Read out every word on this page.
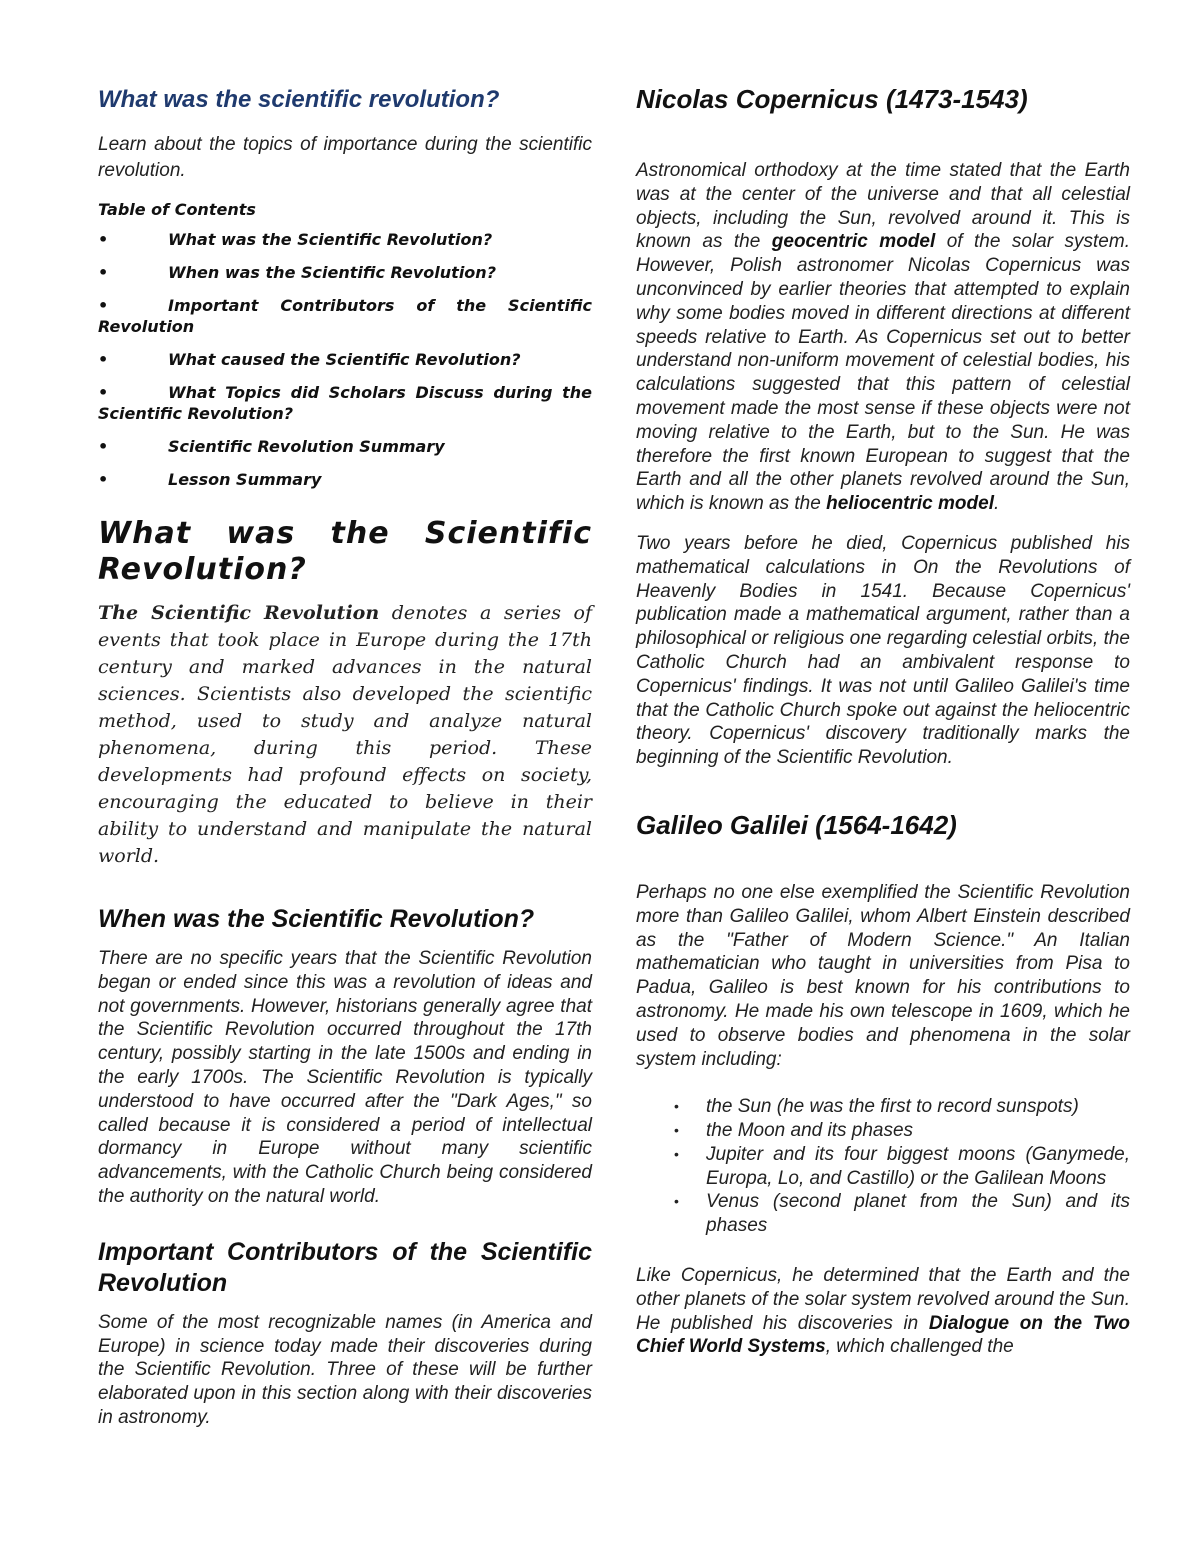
What was the scientific revolution?

Learn about the topics of importance during the scientific revolution.

Table of Contents
•	What was the Scientific Revolution?
•	When was the Scientific Revolution?
•	Important Contributors of the Scientific Revolution
•	What caused the Scientific Revolution?
•	What Topics did Scholars Discuss during the Scientific Revolution?
•	Scientific Revolution Summary
•	Lesson Summary
What was the Scientific Revolution?

The Scientific Revolution denotes a series of events that took place in Europe during the 17th century and marked advances in the natural sciences. Scientists also developed the scientific method, used to study and analyze natural phenomena, during this period. These developments had profound effects on society, encouraging the educated to believe in their ability to understand and manipulate the natural world.

When was the Scientific Revolution?

There are no specific years that the Scientific Revolution began or ended since this was a revolution of ideas and not governments. However, historians generally agree that the Scientific Revolution occurred throughout the 17th century, possibly starting in the late 1500s and ending in the early 1700s. The Scientific Revolution is typically understood to have occurred after the "Dark Ages," so called because it is considered a period of intellectual dormancy in Europe without many scientific advancements, with the Catholic Church being considered the authority on the natural world.

Important Contributors of the Scientific Revolution

Some of the most recognizable names (in America and Europe) in science today made their discoveries during the Scientific Revolution. Three of these will be further elaborated upon in this section along with their discoveries in astronomy.

Nicolas Copernicus (1473-1543)

Astronomical orthodoxy at the time stated that the Earth was at the center of the universe and that all celestial objects, including the Sun, revolved around it. This is known as the geocentric model of the solar system. However, Polish astronomer Nicolas Copernicus was unconvinced by earlier theories that attempted to explain why some bodies moved in different directions at different speeds relative to Earth. As Copernicus set out to better understand non-uniform movement of celestial bodies, his calculations suggested that this pattern of celestial movement made the most sense if these objects were not moving relative to the Earth, but to the Sun. He was therefore the first known European to suggest that the Earth and all the other planets revolved around the Sun, which is known as the heliocentric model.

Two years before he died, Copernicus published his mathematical calculations in On the Revolutions of Heavenly Bodies in 1541. Because Copernicus' publication made a mathematical argument, rather than a philosophical or religious one regarding celestial orbits, the Catholic Church had an ambivalent response to Copernicus' findings. It was not until Galileo Galilei's time that the Catholic Church spoke out against the heliocentric theory. Copernicus' discovery traditionally marks the beginning of the Scientific Revolution.

Galileo Galilei (1564-1642)

Perhaps no one else exemplified the Scientific Revolution more than Galileo Galilei, whom Albert Einstein described as the "Father of Modern Science." An Italian mathematician who taught in universities from Pisa to Padua, Galileo is best known for his contributions to astronomy. He made his own telescope in 1609, which he used to observe bodies and phenomena in the solar system including:

• the Sun (he was the first to record sunspots)
• the Moon and its phases
• Jupiter and its four biggest moons (Ganymede, Europa, Lo, and Castillo) or the Galilean Moons
• Venus (second planet from the Sun) and its phases

Like Copernicus, he determined that the Earth and the other planets of the solar system revolved around the Sun. He published his discoveries in Dialogue on the Two Chief World Systems, which challenged the
